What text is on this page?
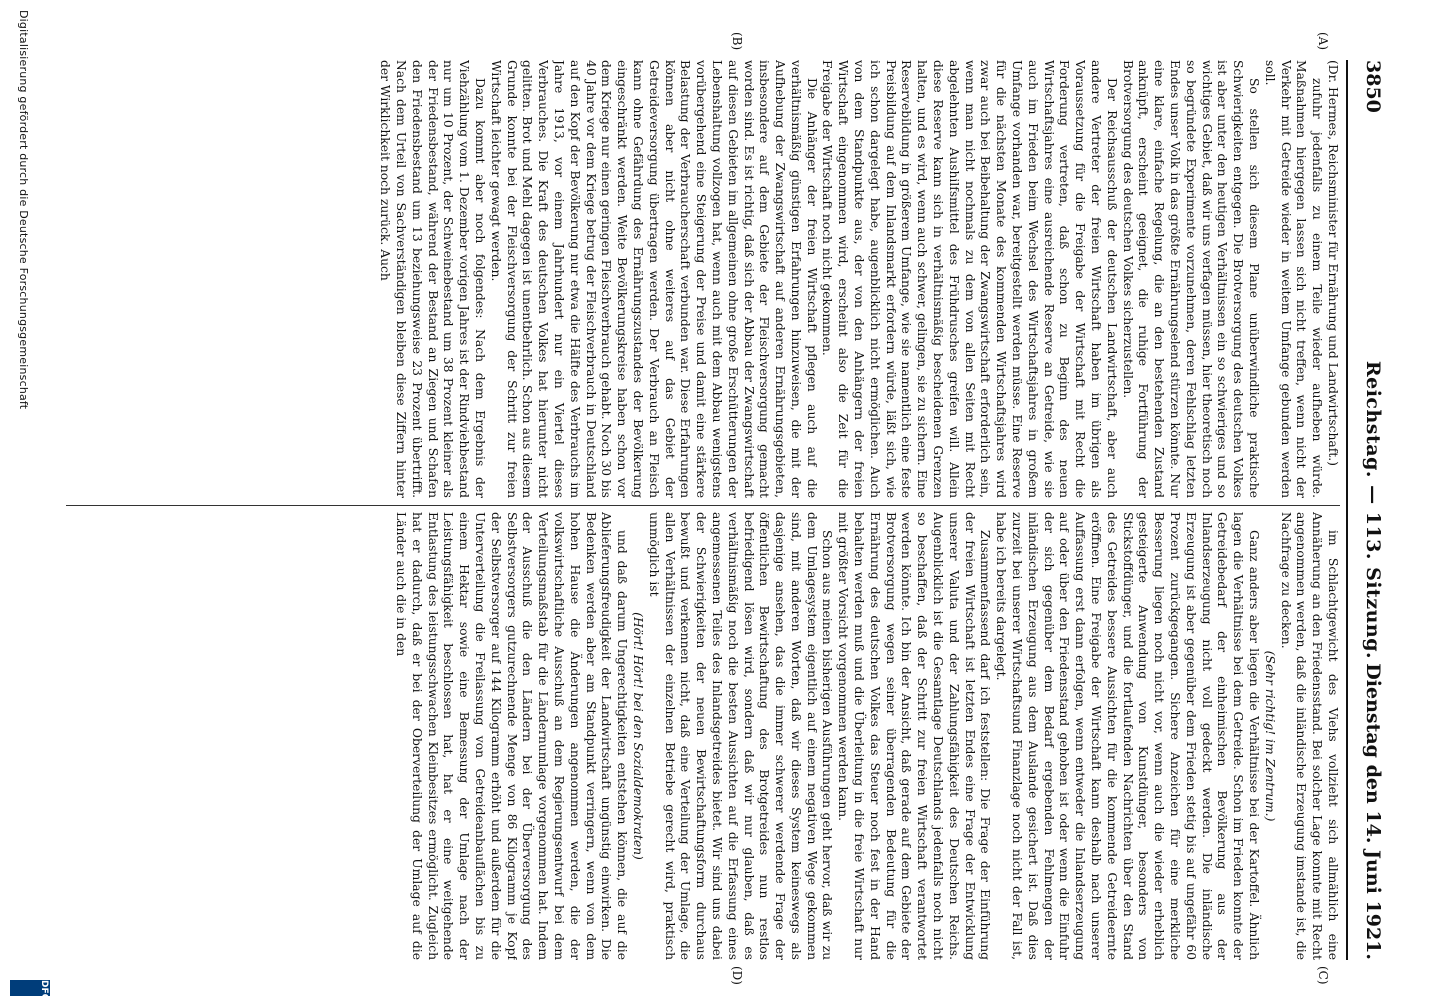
3850
Reichstag. — 113. Sitzung.
Dienstag den 14. Juni 1921.
(A)
(B)
(C)
(D)

(Dr. Hermes, Reichsminister für Ernährung und Landwirtschaft.)

zufuhr jedenfalls zu einem Teile wieder aufheben würde. Maßnahmen hiergegen lassen sich nicht treffen, wenn nicht der Verkehr mit Getreide wieder in weitem Umfange gebunden werden soll.

So stellen sich diesem Plane unüberwindliche praktische Schwierigkeiten entgegen. Die Brotversorgung des deutschen Volkes ist aber unter den heutigen Verhältnissen ein so schwieriges und so wichtiges Gebiet, daß wir uns verfagen müssen, hier theoretisch noch so begründete Experimente vorzunehmen, deren Fehlschlag letzten Endes unser Volk in das größte Ernährungselend stürzen könnte. Nur eine klare, einfache Regelung, die an den bestehenden Zustand anknüpft, erscheint geeignet, die ruhige Fortführung der Brotversorgung des deutschen Volkes sicherzustellen.

Der Reichsausschuß der deutschen Landwirtschaft, aber auch andere Vertreter der freien Wirtschaft haben im übrigen als Voraussetzung für die Freigabe der Wirtschaft mit Recht die Forderung vertreten, daß schon zu Beginn des neuen Wirtschaftsjahres eine ausreichende Reserve an Getreide, wie sie auch im Frieden beim Wechsel des Wirtschaftsjahres in großem Umfange vorhanden war, bereitgestellt werden müsse. Eine Reserve für die nächsten Monate des kommenden Wirtschaftsjahres wird zwar auch bei Beibehaltung der Zwangswirtschaft erforderlich sein, wenn man nicht nochmals zu dem von allen Seiten mit Recht abgelehnten Aushilfsmittel des Frühdrusches greifen will. Allein diese Reserve kann sich in verhältnismäßig bescheidenen Grenzen halten, und es wird, wenn auch schwer, gelingen, sie zu sichern. Eine Reservebildung in größerem Umfange, wie sie namentlich eine feste Preisbildung auf dem Inlandsmarkt erfordern würde, läßt sich, wie ich schon dargelegt habe, augenblicklich nicht ermöglichen. Auch von dem Standpunkte aus, der von den Anhängern der freien Wirtschaft eingenommen wird, erscheint also die Zeit für die Freigabe der Wirtschaft noch nicht gekommen.

Die Anhänger der freien Wirtschaft pflegen auch auf die verhältnismäßig günstigen Erfahrungen hinzuweisen, die mit der Aufhebung der Zwangswirtschaft auf anderen Ernährungsgebieten, insbesondere auf dem Gebiete der Fleischversorgung gemacht worden sind. Es ist richtig, daß sich der Abbau der Zwangswirtschaft auf diesen Gebieten im allgemeinen ohne große Erschütterungen der Lebenshaltung vollzogen hat, wenn auch mit dem Abbau wenigstens vorübergehend eine Steigerung der Preise und damit eine stärkere Belastung der Verbraucherschaft verbunden war. Diese Erfahrungen können aber nicht ohne weiteres auf das Gebiet der Getreideversorgung übertragen werden. Der Verbrauch an Fleisch kann ohne Gefährdung des Ernährungszustandes der Bevölkerung eingeschränkt werden. Weite Bevölkerungskreise haben schon vor dem Kriege nur einen geringen Fleischverbrauch gehabt. Noch 30 bis 40 Jahre vor dem Kriege betrug der Fleischverbrauch in Deutschland auf den Kopf der Bevölkerung nur etwa die Hälfte des Verbrauchs im Jahre 1913, vor einem Jahrhundert nur ein Viertel dieses Verbrauches. Die Kraft des deutschen Volkes hat hierunter nicht gelitten. Brot und Mehl dagegen ist unentbehrlich. Schon aus diesem Grunde konnte bei der Fleischversorgung der Schritt zur freien Wirtschaft leichter gewagt werden.

Dazu kommt aber noch folgendes: Nach dem Ergebnis der Viehzählung vom 1. Dezember vorigen Jahres ist der Rindviehbestand nur um 10 Prozent, der Schweinebestand um 38 Prozent kleiner als der Friedensbestand, während der Bestand an Ziegen und Schafen den Friedensbestand um 13 beziehungsweise 23 Prozent übertrifft. Nach dem Urteil von Sachverständigen bleiben diese Ziffern hinter der Wirklichkeit noch zurück. Auch

im Schlachtgewicht des Viehs vollzieht sich allmählich eine Annäherung an den Friedensstand. Bei solcher Lage konnte mit Recht angenommen werden, daß die inländische Erzeugung imstande ist, die Nachfrage zu decken.

(Sehr richtig! im Zentrum.)

Ganz anders aber liegen die Verhältnisse bei der Kartoffel. Ähnlich lagen die Verhältnisse bei dem Getreide. Schon im Frieden konnte der Getreidebedarf der einheimischen Bevölkerung aus der Inlandserzeugung nicht voll gedeckt werden. Die inländische Erzeugung ist aber gegenüber dem Frieden stetig bis auf ungefähr 60 Prozent zurückgegangen. Sichere Anzeichen für eine merkliche Besserung liegen noch nicht vor, wenn auch die wieder erheblich gesteigerte Anwendung von Kunstdünger, besonders von Stickstoffdünger, und die fortlaufenden Nachrichten über den Stand des Getreides bessere Aussichten für die kommende Getreideernte eröffnen. Eine Freigabe der Wirtschaft kann deshalb nach unserer Auffassung erst dann erfolgen, wenn entweder die Inlandserzeugung auf oder über den Friedensstand gehoben ist oder wenn die Einfuhr der sich gegenüber dem Bedarf ergebenden Fehlmengen der inländischen Erzeugung aus dem Auslande gesichert ist. Daß dies zurzeit bei unserer Wirtschaftsund Finanzlage noch nicht der Fall ist, habe ich bereits dargelegt.

Zusammenfassend darf ich feststellen: Die Frage der Einführung der freien Wirtschaft ist letzten Endes eine Frage der Entwicklung unserer Valuta und der Zahlungsfähigkeit des Deutschen Reichs. Augenblicklich ist die Gesamtlage Deutschlands jedenfalls noch nicht so beschaffen, daß der Schritt zur freien Wirtschaft verantwortet werden könnte. Ich bin der Ansicht, daß gerade auf dem Gebiete der Brotversorgung wegen seiner überragenden Bedeutung für die Ernährung des deutschen Volkes das Steuer noch fest in der Hand behalten werden muß und die Überleitung in die freie Wirtschaft nur mit größter Vorsicht vorgenommen werden kann.

Schon aus meinen bisherigen Ausführungen geht hervor, daß wir zu dem Umlagesystem eigentlich auf einem negativen Wege gekommen sind, mit anderen Worten, daß wir dieses System keineswegs als dasjenige ansehen, das die immer schwerer werdende Frage der öffentlichen Bewirtschaftung des Brotgetreides nun restlos befriedigend lösen wird, sondern daß wir nur glauben, daß es verhältnismäßig noch die besten Aussichten auf die Erfassung eines angemessenen Teiles des Inlandsgetreides bietet. Wir sind uns dabei der Schwierigkeiten der neuen Bewirtschaftungsform durchaus bewußt und verkennen nicht, daß eine Verteilung der Umlage, die allen Verhältnissen der einzelnen Betriebe gerecht wird, praktisch unmöglich ist

(Hört! Hört! bei den Sozialdemokraten)

und daß darum Ungerechtigkeiten entstehen können, die auf die Ablieferungsfreudigkeit der Landwirtschaft ungünstig einwirken. Die Bedenken werden aber am Standpunkt verringern, wenn von dem hohen Hause die Änderungen angenommen werden, die der volkswirtschaftliche Ausschuß an dem Regierungsentwurf bei dem Verteilungsmaßstab für die Ländernumlage vorgenommen hat. Indem der Ausschuß die den Ländern bei der Überversorgung des Selbstversorgers gutzurechnende Menge von 86 Kilogramm je Kopf der Selbstversorger auf 144 Kilogramm erhöht und außerdem für die Unterverteilung die Freilassung von Getreideanbauflächen bis zu einem Hektar sowie eine Bemessung der Umlage nach der Leistungsfähigkeit beschlossen hat, hat er eine weitgehende Entlastung des leistungsschwachen Kleinbesitzes ermöglicht. Zugleich hat er dadurch, daß er bei der Oberverteilung der Umlage auf die Länder auch die in den

Digitalisierung gefördert durch die Deutsche Forschungsgemeinschaft
DFG
